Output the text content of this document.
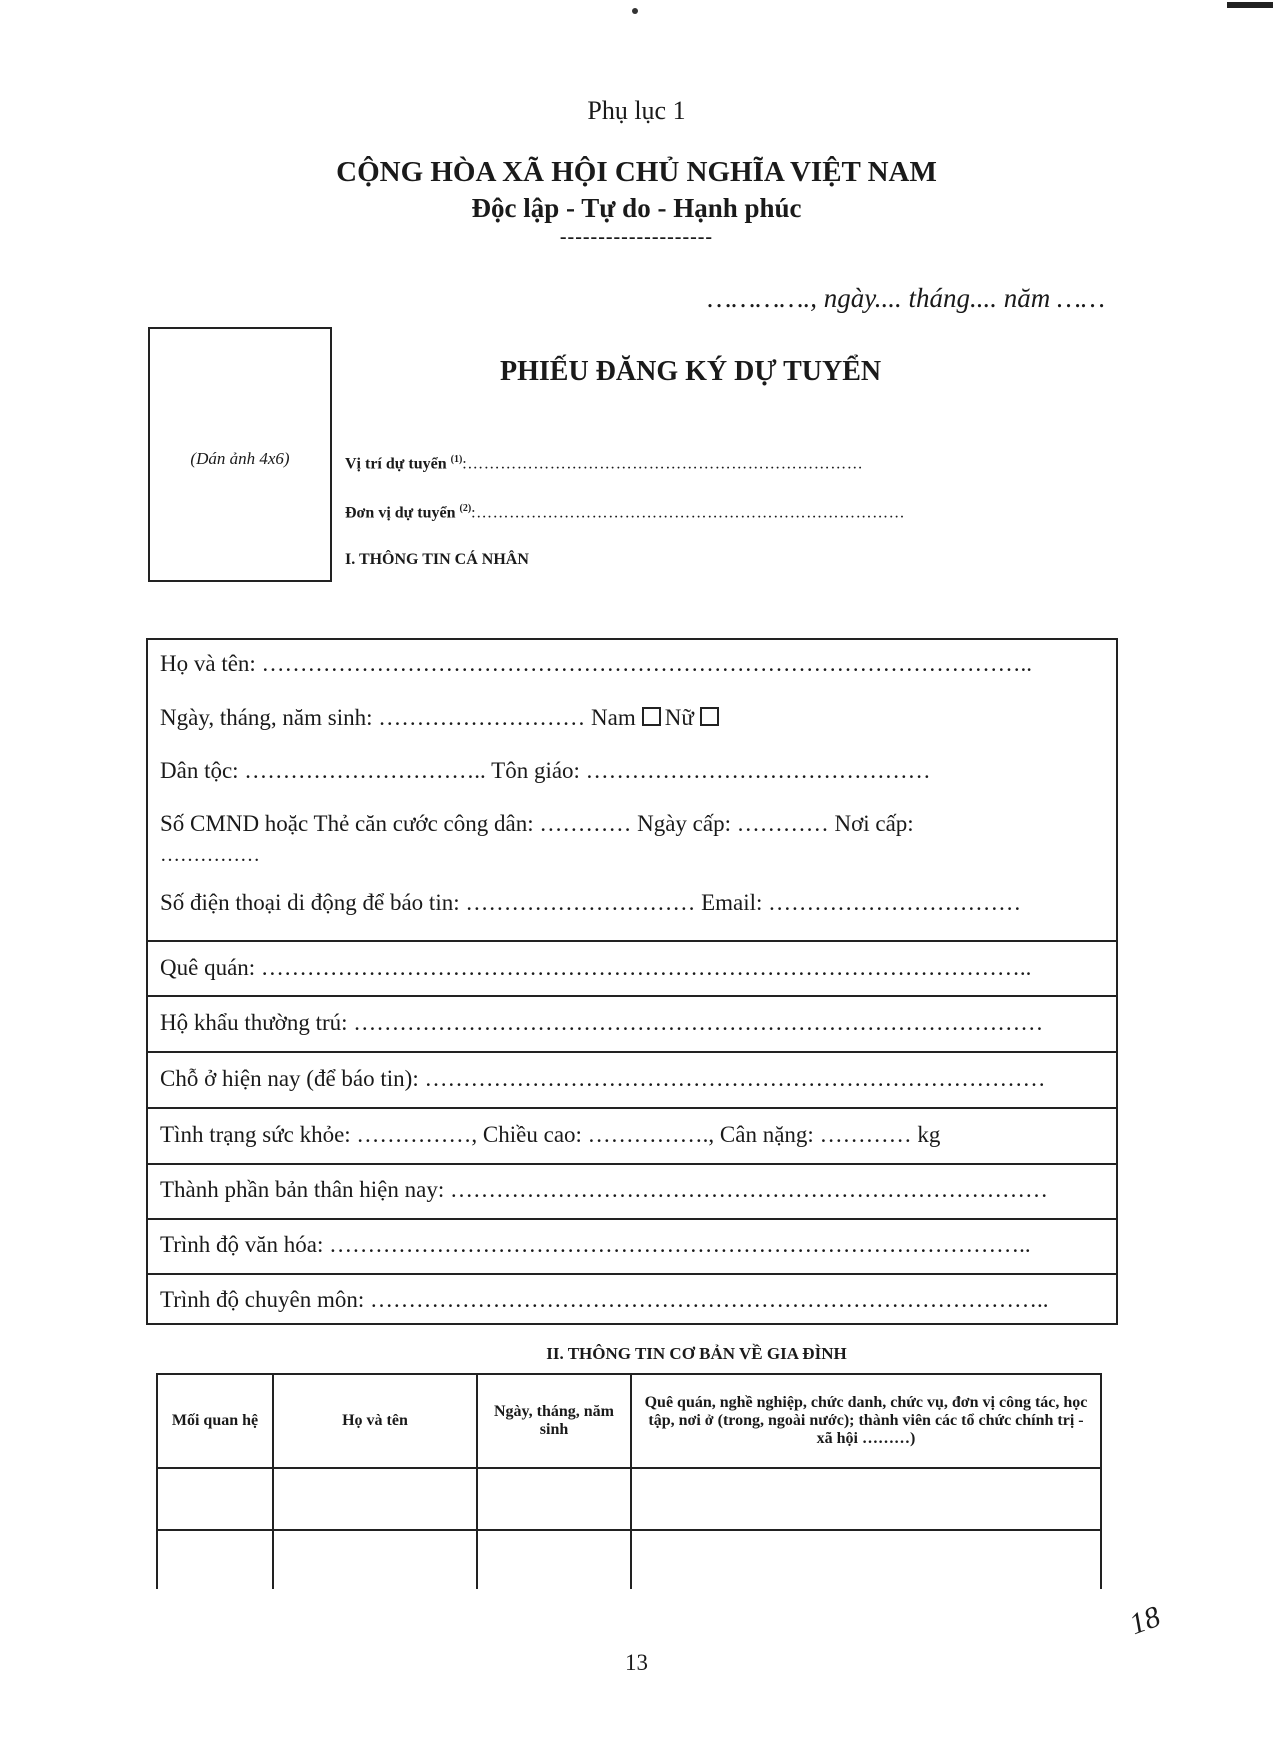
Phụ lục 1
CỘNG HÒA XÃ HỘI CHỦ NGHĨA VIỆT NAM
Độc lập - Tự do - Hạnh phúc
--------------------
…………., ngày.... tháng.... năm ……
(Dán ảnh 4x6)
PHIẾU ĐĂNG KÝ DỰ TUYỂN
Vị trí dự tuyển $^{(1)}$:………………………………………………………………
Đơn vị dự tuyển $^{(2)}$:……………………………………………………………………
I. THÔNG TIN CÁ NHÂN
Họ và tên: ………………………………………………………………………………………..
Ngày, tháng, năm sinh: ……………………… Nam Nữ
Dân tộc: ………………………….. Tôn giáo: ………………………………………
Số CMND hoặc Thẻ căn cước công dân: ………… Ngày cấp: ………… Nơi cấp:
……………
Số điện thoại di động để báo tin: ………………………… Email: ……………………………
Quê quán: ………………………………………………………………………………………..
Hộ khẩu thường trú: ………………………………………………………………………………
Chỗ ở hiện nay (để báo tin): ………………………………………………………………………
Tình trạng sức khỏe: ……………, Chiều cao: ……………., Cân nặng: ………… kg
Thành phần bản thân hiện nay: ……………………………………………………………………
Trình độ văn hóa: ………………………………………………………………………………..
Trình độ chuyên môn: ……………………………………………………………………………..
II. THÔNG TIN CƠ BẢN VỀ GIA ĐÌNH
Mối quan hệ	Họ và tên	Ngày, tháng, năm sinh	Quê quán, nghề nghiệp, chức danh, chức vụ, đơn vị công tác, học tập, nơi ở (trong, ngoài nước); thành viên các tổ chức chính trị - xã hội ………)

18
13
